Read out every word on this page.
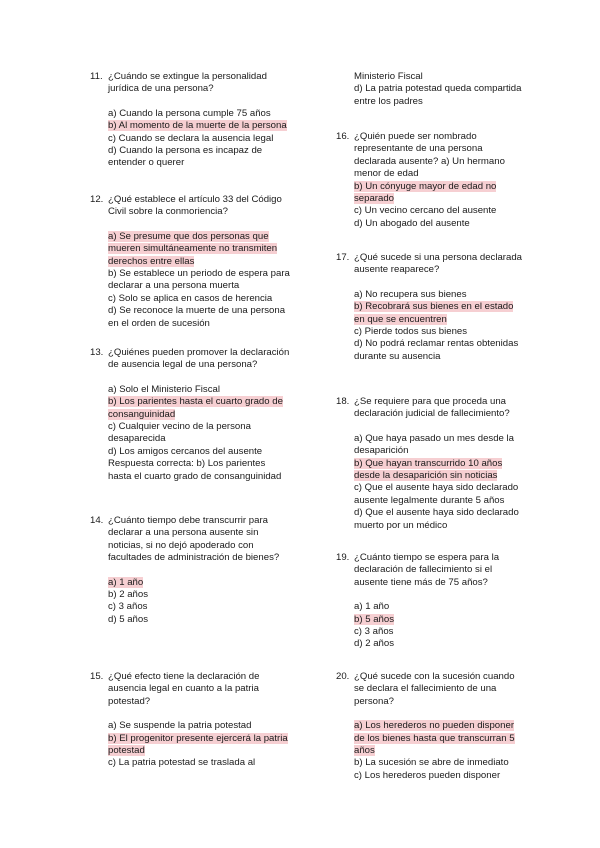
11. ¿Cuándo se extingue la personalidad jurídica de una persona?
a) Cuando la persona cumple 75 años
b) Al momento de la muerte de la persona
c) Cuando se declara la ausencia legal
d) Cuando la persona es incapaz de entender o querer
12. ¿Qué establece el artículo 33 del Código Civil sobre la conmoriencia?
a) Se presume que dos personas que mueren simultáneamente no transmiten derechos entre ellas
b) Se establece un periodo de espera para declarar a una persona muerta
c) Solo se aplica en casos de herencia
d) Se reconoce la muerte de una persona en el orden de sucesión
13. ¿Quiénes pueden promover la declaración de ausencia legal de una persona?
a) Solo el Ministerio Fiscal
b) Los parientes hasta el cuarto grado de consanguinidad
c) Cualquier vecino de la persona desaparecida
d) Los amigos cercanos del ausente
Respuesta correcta: b) Los parientes hasta el cuarto grado de consanguinidad
14. ¿Cuánto tiempo debe transcurrir para declarar a una persona ausente sin noticias, si no dejó apoderado con facultades de administración de bienes?
a) 1 año
b) 2 años
c) 3 años
d) 5 años
15. ¿Qué efecto tiene la declaración de ausencia legal en cuanto a la patria potestad?
a) Se suspende la patria potestad
b) El progenitor presente ejercerá la patria potestad
c) La patria potestad se traslada al
Ministerio Fiscal
d) La patria potestad queda compartida entre los padres
16. ¿Quién puede ser nombrado representante de una persona declarada ausente? a) Un hermano menor de edad
b) Un cónyuge mayor de edad no separado
c) Un vecino cercano del ausente
d) Un abogado del ausente
17. ¿Qué sucede si una persona declarada ausente reaparece?
a) No recupera sus bienes
b) Recobrará sus bienes en el estado en que se encuentren
c) Pierde todos sus bienes
d) No podrá reclamar rentas obtenidas durante su ausencia
18. ¿Se requiere para que proceda una declaración judicial de fallecimiento?
a) Que haya pasado un mes desde la desaparición
b) Que hayan transcurrido 10 años desde la desaparición sin noticias
c) Que el ausente haya sido declarado ausente legalmente durante 5 años
d) Que el ausente haya sido declarado muerto por un médico
19. ¿Cuánto tiempo se espera para la declaración de fallecimiento si el ausente tiene más de 75 años?
a) 1 año
b) 5 años
c) 3 años
d) 2 años
20. ¿Qué sucede con la sucesión cuando se declara el fallecimiento de una persona?
a) Los herederos no pueden disponer de los bienes hasta que transcurran 5 años
b) La sucesión se abre de inmediato
c) Los herederos pueden disponer
